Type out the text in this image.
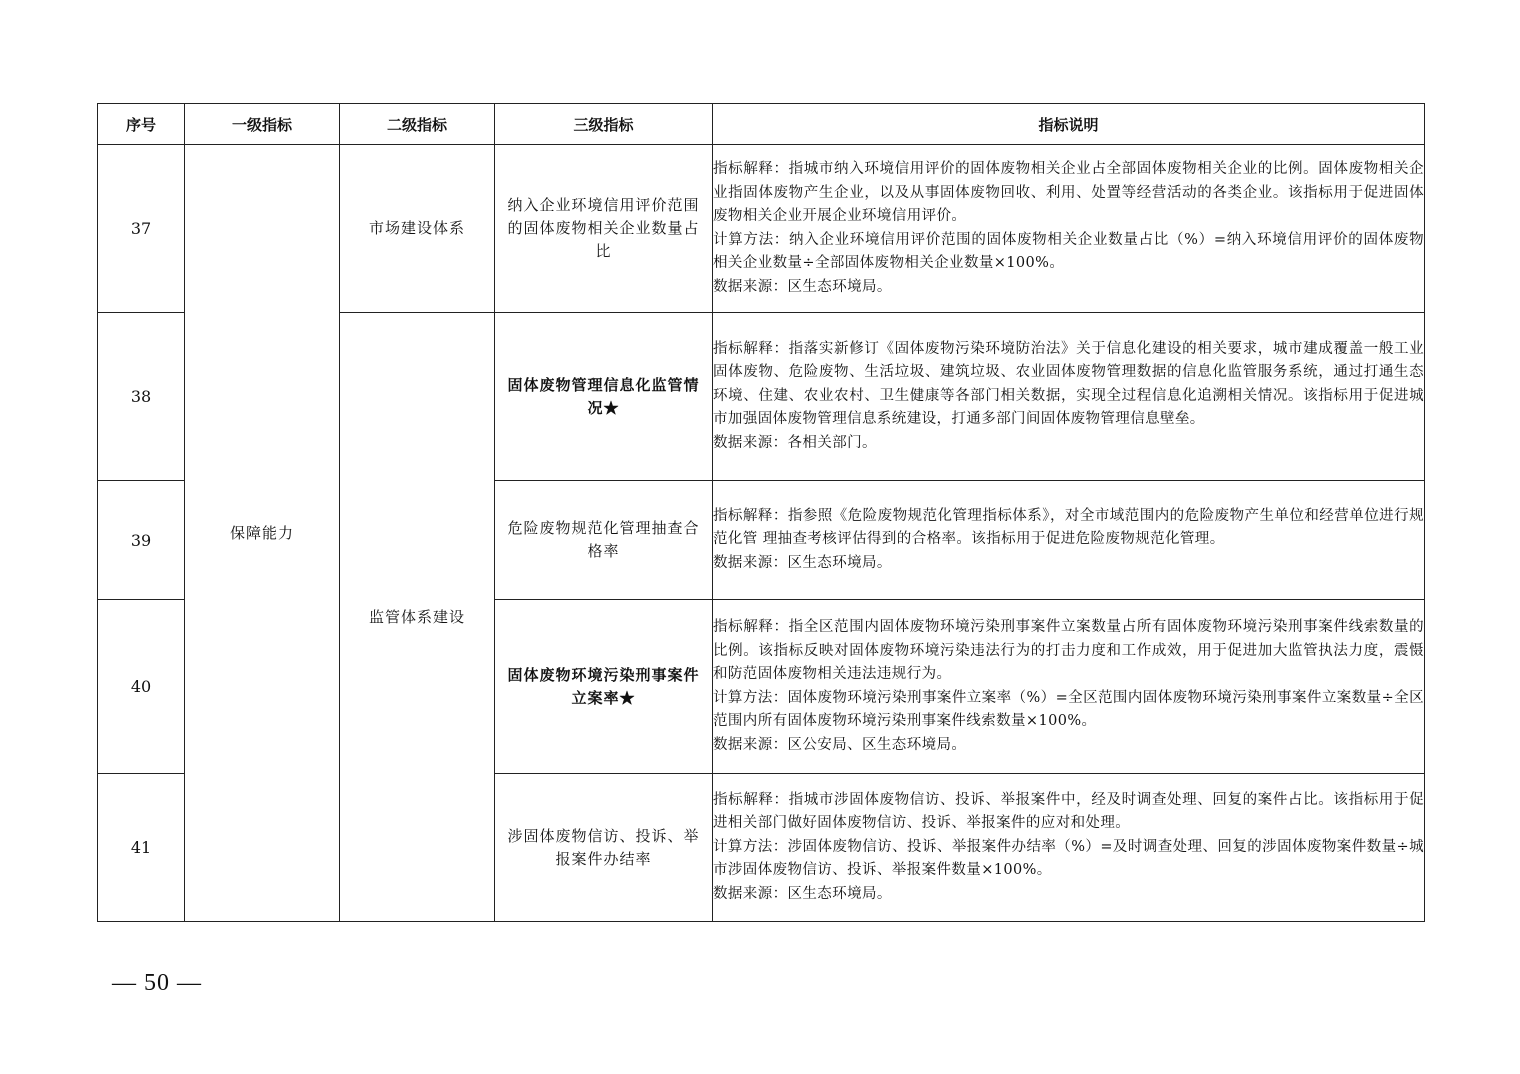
序号	一级指标	二级指标	三级指标	指标说明
37	保障能力	市场建设体系	纳入企业环境信用评价范围的固体废物相关企业数量占比	指标解释：指城市纳入环境信用评价的固体废物相关企业占全部固体废物相关企业的比例。固体废物相关企业指固体废物产生企业，以及从事固体废物回收、利用、处置等经营活动的各类企业。该指标用于促进固体废物相关企业开展企业环境信用评价。

计算方法：纳入企业环境信用评价范围的固体废物相关企业数量占比（%）=纳入环境信用评价的固体废物相关企业数量÷全部固体废物相关企业数量×100%。

数据来源：区生态环境局。

38		监管体系建设	固体废物管理信息化监管情况★	指标解释：指落实新修订《固体废物污染环境防治法》关于信息化建设的相关要求，城市建成覆盖一般工业固体废物、危险废物、生活垃圾、建筑垃圾、农业固体废物管理数据的信息化监管服务系统，通过打通生态环境、住建、农业农村、卫生健康等各部门相关数据，实现全过程信息化追溯相关情况。该指标用于促进城市加强固体废物管理信息系统建设，打通多部门间固体废物管理信息壁垒。

数据来源：各相关部门。

39			危险废物规范化管理抽查合格率	指标解释：指参照《危险废物规范化管理指标体系》，对全市域范围内的危险废物产生单位和经营单位进行规范化管 理抽查考核评估得到的合格率。该指标用于促进危险废物规范化管理。

数据来源：区生态环境局。

40			固体废物环境污染刑事案件立案率★	指标解释：指全区范围内固体废物环境污染刑事案件立案数量占所有固体废物环境污染刑事案件线索数量的比例。该指标反映对固体废物环境污染违法行为的打击力度和工作成效，用于促进加大监管执法力度，震慑和防范固体废物相关违法违规行为。

计算方法：固体废物环境污染刑事案件立案率（%）=全区范围内固体废物环境污染刑事案件立案数量÷全区范围内所有固体废物环境污染刑事案件线索数量×100%。

数据来源：区公安局、区生态环境局。

41			涉固体废物信访、投诉、举报案件办结率	指标解释：指城市涉固体废物信访、投诉、举报案件中，经及时调查处理、回复的案件占比。该指标用于促进相关部门做好固体废物信访、投诉、举报案件的应对和处理。

计算方法：涉固体废物信访、投诉、举报案件办结率（%）=及时调查处理、回复的涉固体废物案件数量÷城市涉固体废物信访、投诉、举报案件数量×100%。

数据来源：区生态环境局。

— 50 —
